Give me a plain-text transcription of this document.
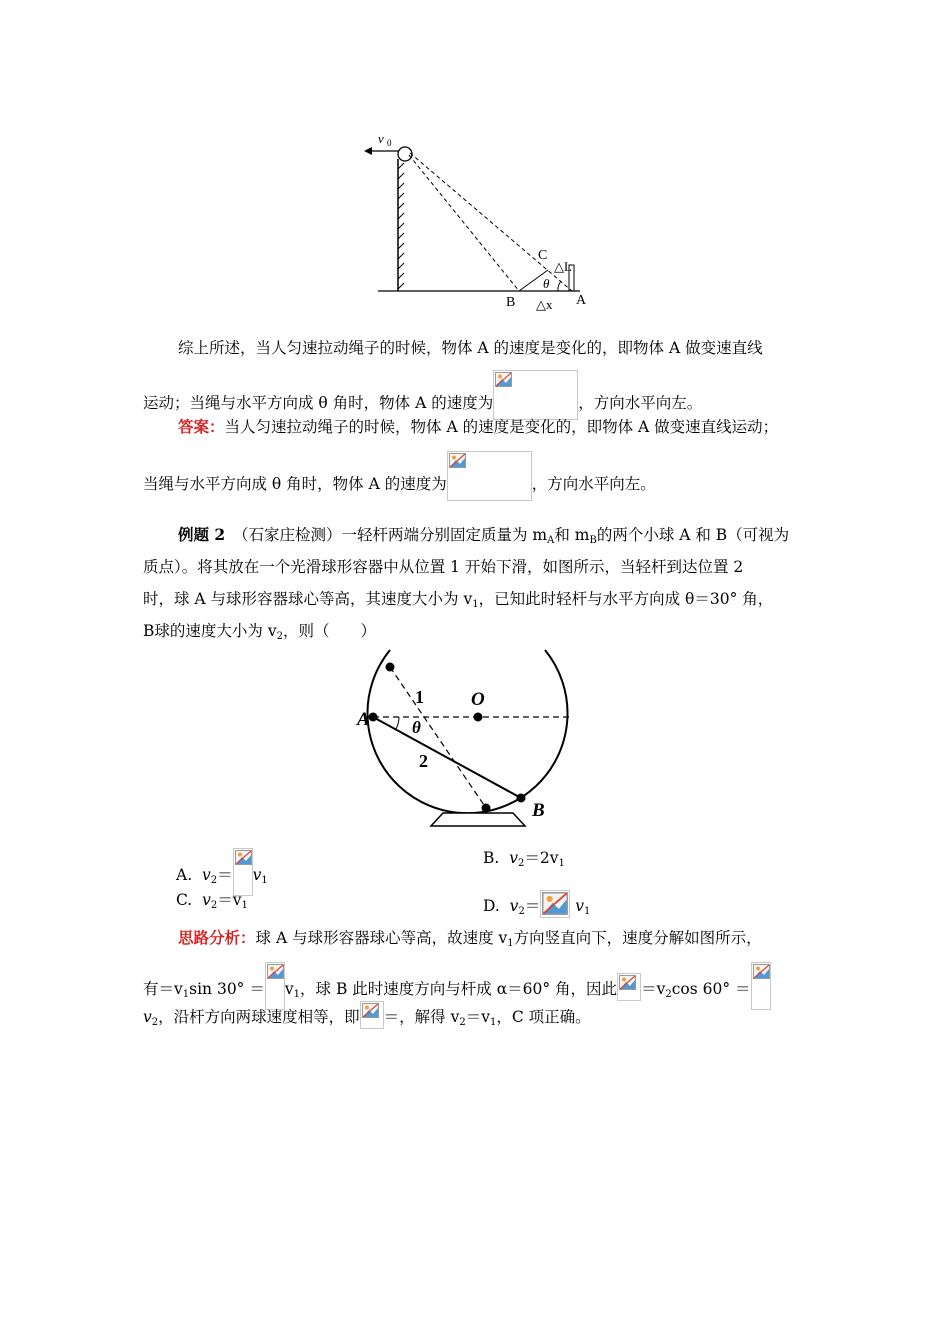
v 0
C
△L
θ
B △x A
综上所述，当人匀速拉动绳子的时候，物体 A 的速度是变化的，即物体 A 做变速直线
运动；当绳与水平方向成 θ 角时，物体 A 的速度为	，方向水平向左。
答案：当人匀速拉动绳子的时候，物体 A 的速度是变化的，即物体 A 做变速直线运动；
当绳与水平方向成 θ 角时，物体 A 的速度为	，方向水平向左。
例题 2　 （石家庄检测）一轻杆两端分别固定质量为 $m_A$和 $m_B$的两个小球 A 和 B（可视为
质点）。将其放在一个光滑球形容器中从位置 1 开始下滑，如图所示，当轻杆到达位置 2
时，球 A 与球形容器球心等高，其速度大小为 $v_1$，已知此时轻杆与水平方向成 θ＝30° 角，
B球的速度大小为 $v_2$，则（　　）
1 O
A θ
2
B
A. $v_2= v_1$
B. $v_2=2v_1$
C. $v_2=v_1$	D. $v_2= v_1$
思路分析：球 A 与球形容器球心等高，故速度 $v_1$方向竖直向下，速度分解如图所示，
有$=v_1\sin$ $30^\circ = v_1$，球 B 此时速度方向与杆成 α＝60° 角，因此 $=v_2\cos$ 60° ＝
$v_2$，沿杆方向两球速度相等，即 ＝，解得 $v_2=v_1$，C 项正确。
